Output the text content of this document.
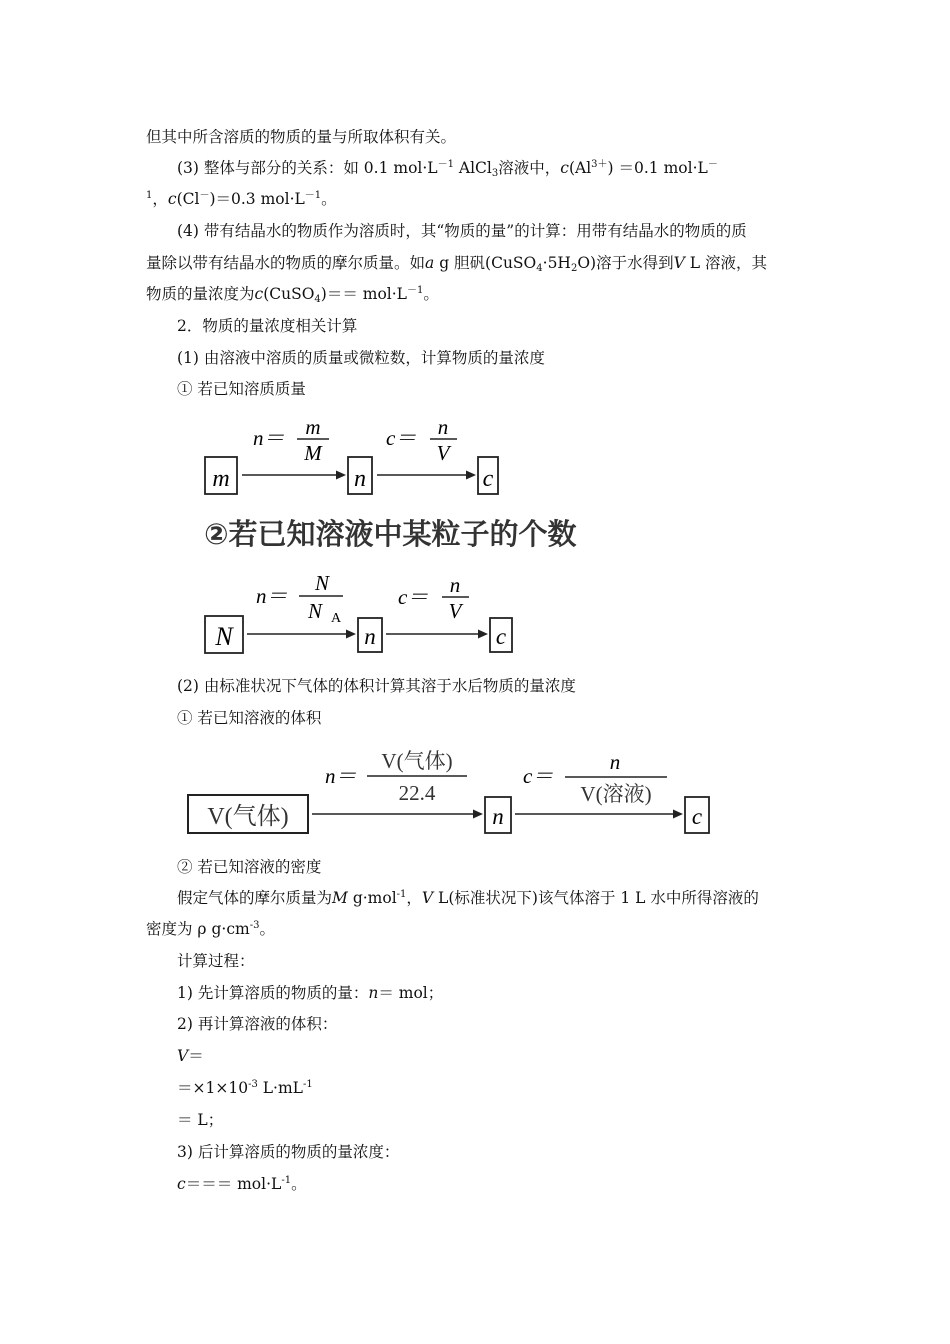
但其中所含溶质的物质的量与所取体积有关。
(3) 整体与部分的关系：如 0.1 $mol\cdot L^{-1}$ AlCl$_3$溶液中，$c(Al^{3+}) =0.1$ mol·L－
$^1$，c(Cl－)＝0.3 $mol\cdot L^{-1}$。
(4) 带有结晶水的物质作为溶质时，其“物质的量”的计算：用带有结晶水的物质的质
量除以带有结晶水的物质的摩尔质量。如a g 胆矾$(CuSO_4\cdot 5H_2O)$溶于水得到V L 溶液，其
物质的量浓度为c(CuSO$_4$)＝＝ $mol\cdot L^{-1}$。
2．物质的量浓度相关计算
(1) 由溶液中溶质的质量或微粒数，计算物质的量浓度
① 若已知溶质质量
m
n＝ m
M
n
c＝ n
V
c
②若已知溶液中某粒子的个数
N
n＝
N
N A
n
c＝ n
V
c
(2) 由标准状况下气体的体积计算其溶于水后物质的量浓度
① 若已知溶液的体积
V(气体)
n＝
V(气体)
22.4
n
c＝
n
V(溶液)
c
② 若已知溶液的密度
假定气体的摩尔质量为M g·mol$^{-1}$，V L(标准状况下)该气体溶于 1 L 水中所得溶液的
密度为 ρ $g\cdot cm^{-3}$。
计算过程：
1) 先计算溶质的物质的量：n＝ mol；
2) 再计算溶液的体积：
V＝
$=\times 1\times 10^{-3}$ $L\cdot mL^{-1}$
＝ L；
3) 后计算溶质的物质的量浓度：
$c=== mol\cdot L^{-1}$。
